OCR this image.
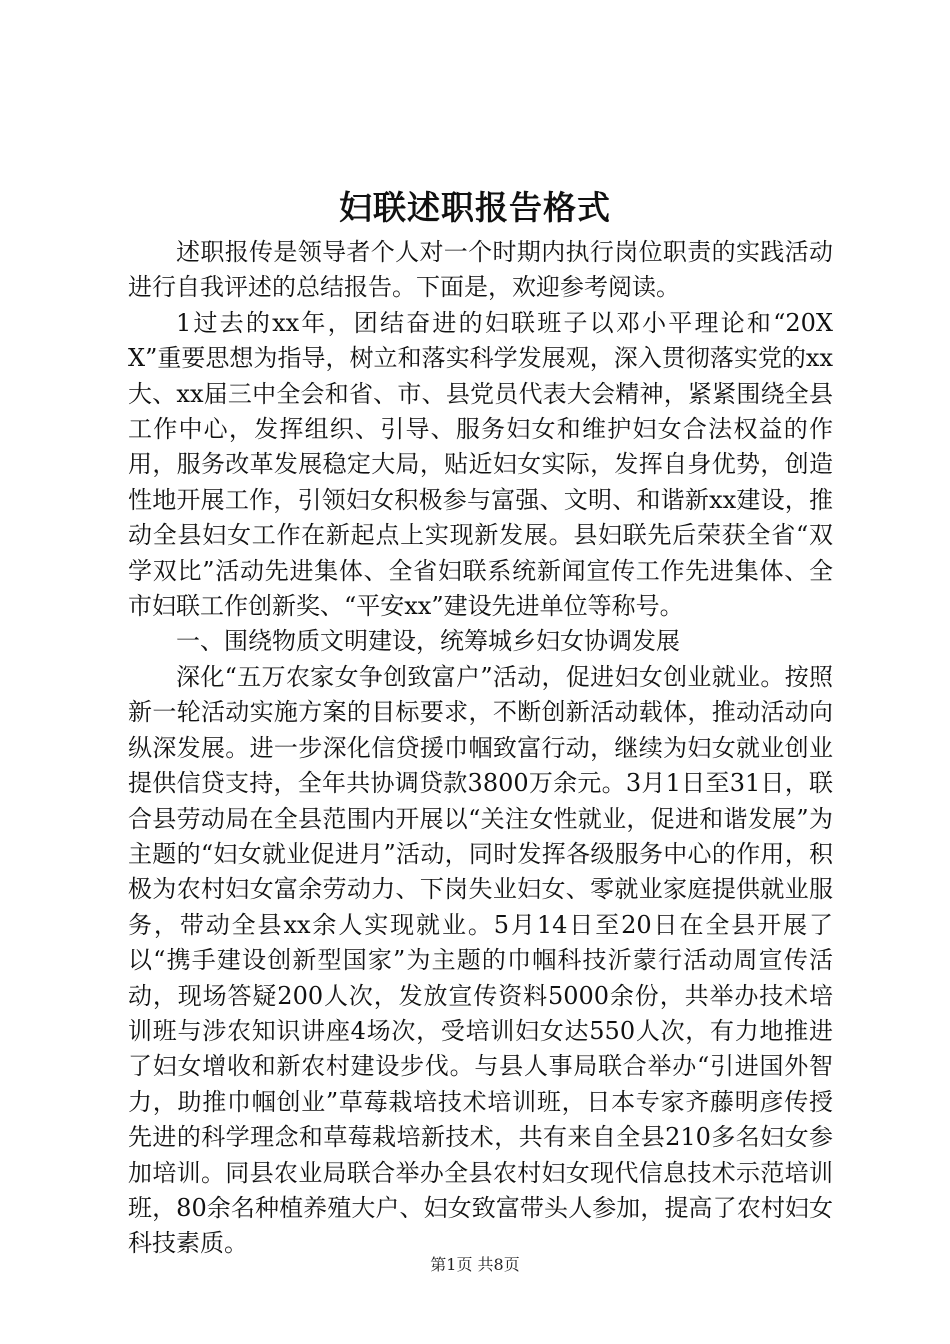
妇联述职报告格式

述职报传是领导者个人对一个时期内执行岗位职责的实践活动进行自我评述的总结报告。下面是，欢迎参考阅读。

1过去的xx年，团结奋进的妇联班子以邓小平理论和“20XX”重要思想为指导，树立和落实科学发展观，深入贯彻落实党的xx大、xx届三中全会和省、市、县党员代表大会精神，紧紧围绕全县工作中心，发挥组织、引导、服务妇女和维护妇女合法权益的作用，服务改革发展稳定大局，贴近妇女实际，发挥自身优势，创造性地开展工作，引领妇女积极参与富强、文明、和谐新xx建设，推动全县妇女工作在新起点上实现新发展。县妇联先后荣获全省“双学双比”活动先进集体、全省妇联系统新闻宣传工作先进集体、全市妇联工作创新奖、“平安xx”建设先进单位等称号。

一、围绕物质文明建设，统筹城乡妇女协调发展

深化“五万农家女争创致富户”活动，促进妇女创业就业。按照新一轮活动实施方案的目标要求，不断创新活动载体，推动活动向纵深发展。进一步深化信贷援巾帼致富行动，继续为妇女就业创业提供信贷支持，全年共协调贷款3800万余元。3月1日至31日，联合县劳动局在全县范围内开展以“关注女性就业，促进和谐发展”为主题的“妇女就业促进月”活动，同时发挥各级服务中心的作用，积极为农村妇女富余劳动力、下岗失业妇女、零就业家庭提供就业服务，带动全县xx余人实现就业。5月14日至20日在全县开展了以“携手建设创新型国家”为主题的巾帼科技沂蒙行活动周宣传活动，现场答疑200人次，发放宣传资料5000余份，共举办技术培训班与涉农知识讲座4场次，受培训妇女达550人次，有力地推进了妇女增收和新农村建设步伐。与县人事局联合举办“引进国外智力，助推巾帼创业”草莓栽培技术培训班，日本专家齐藤明彦传授先进的科学理念和草莓栽培新技术，共有来自全县210多名妇女参加培训。同县农业局联合举办全县农村妇女现代信息技术示范培训班，80余名种植养殖大户、妇女致富带头人参加，提高了农村妇女科技素质。

第1页 共8页
